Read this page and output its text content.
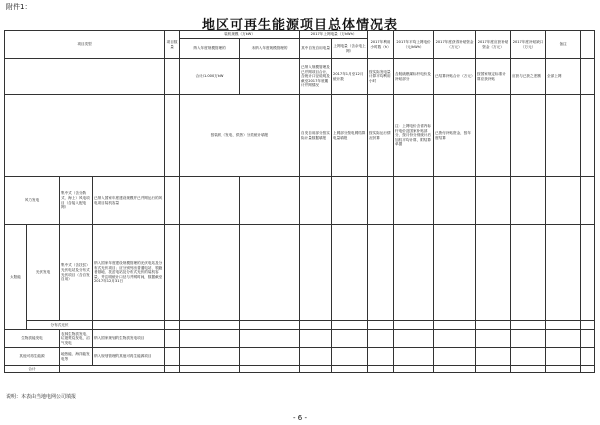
附件1：
地区可再生能源项目总体情况表
项目类型				项目数量	装机规模（万kW）		2017年上网电量（万kWh）		2017年利用小时数（h）	2017年平均上网电价（元/kWh）	2017年度获得补贴资金（万元）	2017年度应获补贴资金（万元）	2017年度补贴缺口（万元）	备注	
					纳入年度规模管理的	未纳入年度规模管理的	其中自发自用电量	上网电量（含余电上网）							

					合计/1.000万kW		已纳入规模管理及已并网项目合计，含统计口径说明及截至2017年底累计并网情况	2017年1月至12月统计数	按实际发电量计算平均利用小时	含脱硫燃煤标杆电价及补贴部分	已结算补贴合计（万元）	按国家规定标准计算应获补贴	应获与已获之差额	全部上网	
					按装机（发电、供热）分类统计填报		自发自用部分按实际计量数据填报	上网部分按电网结算电量填报	按实际运行情况折算	注：上网电价含省内标杆电价及国家补贴部分，按月份分别统计后加权平均计算，附结算单据	已拨付补贴资金，按年度结算				
风力发电		集中式（含分散式、海上）风电项目（含接入配电网）	已纳入国家年度建设规模并已并网运行的风电项目装机容量												
太阳能	光伏发电	集中式（含扶贫）光伏电站及分布式光伏项目（含自发自用）	纳入国家年度建设规模管理的光伏电站及分布式光伏项目；应分别列出普通电站、领跑者基地、扶贫电站及分布式光伏的装机容量，并注明统计口径与并网时间，数据截至2017年12月31日												
	分布式光伏														
生物质能发电		农林生物质发电、垃圾焚烧发电、沼气发电	纳入国家规划的生物质发电项目												
其他可再生能源		地热能、海洋能发电等	纳入规划管理的其他可再生能源项目												
合计															
说明：本表由当地电网公司填报
- 6 -
